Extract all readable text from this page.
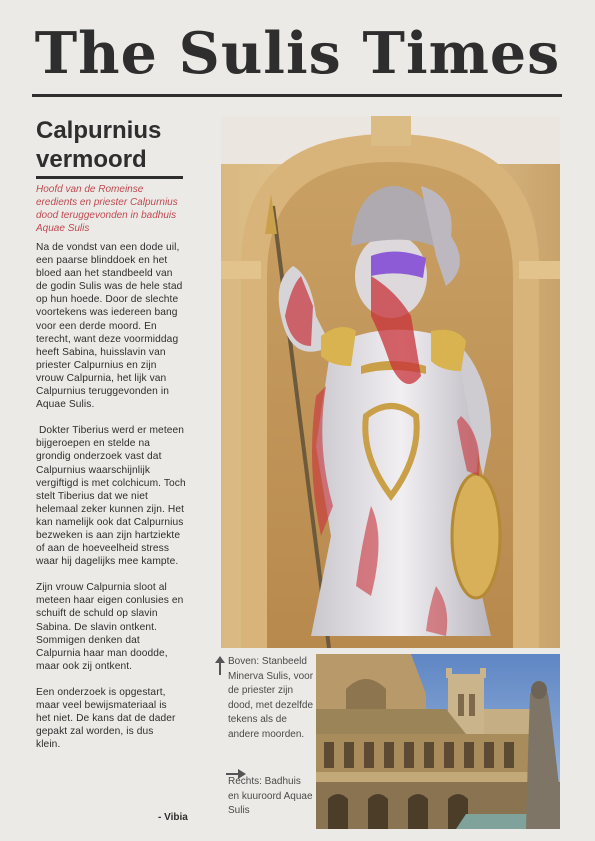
The Sulis Times
Calpurnius vermoord
Hoofd van de Romeinse eredients en priester Calpurnius dood teruggevonden in badhuis Aquae Sulis
Na de vondst van een dode uil, een paarse blinddoek en het bloed aan het standbeeld van de godin Sulis was de hele stad op hun hoede. Door de slechte voortekens was iedereen bang voor een derde moord. En terecht, want deze voormiddag heeft Sabina, huisslavin van priester Calpurnius en zijn vrouw Calpurnia, het lijk van Calpurnius teruggevonden in Aquae Sulis.
Dokter Tiberius werd er meteen bijgeroepen en stelde na grondig onderzoek vast dat Calpurnius waarschijnlijk vergiftigd is met colchicum. Toch stelt Tiberius dat we niet helemaal zeker kunnen zijn. Het kan namelijk ook dat Calpurnius bezweken is aan zijn hartziekte of aan de hoeveelheid stress waar hij dagelijks mee kampte.
Zijn vrouw Calpurnia sloot al meteen haar eigen conlusies en schuift de schuld op slavin Sabina. De slavin ontkent. Sommigen denken dat Calpurnia haar man doodde, maar ook zij ontkent.
Een onderzoek is opgestart, maar veel bewijsmateriaal is het niet. De kans dat de dader gepakt zal worden, is dus klein.
- Vibia
Boven: Stanbeeld Minerva Sulis, voor de priester zijn dood, met dezelfde tekens als de andere moorden.
Rechts: Badhuis en kuuroord Aquae Sulis
